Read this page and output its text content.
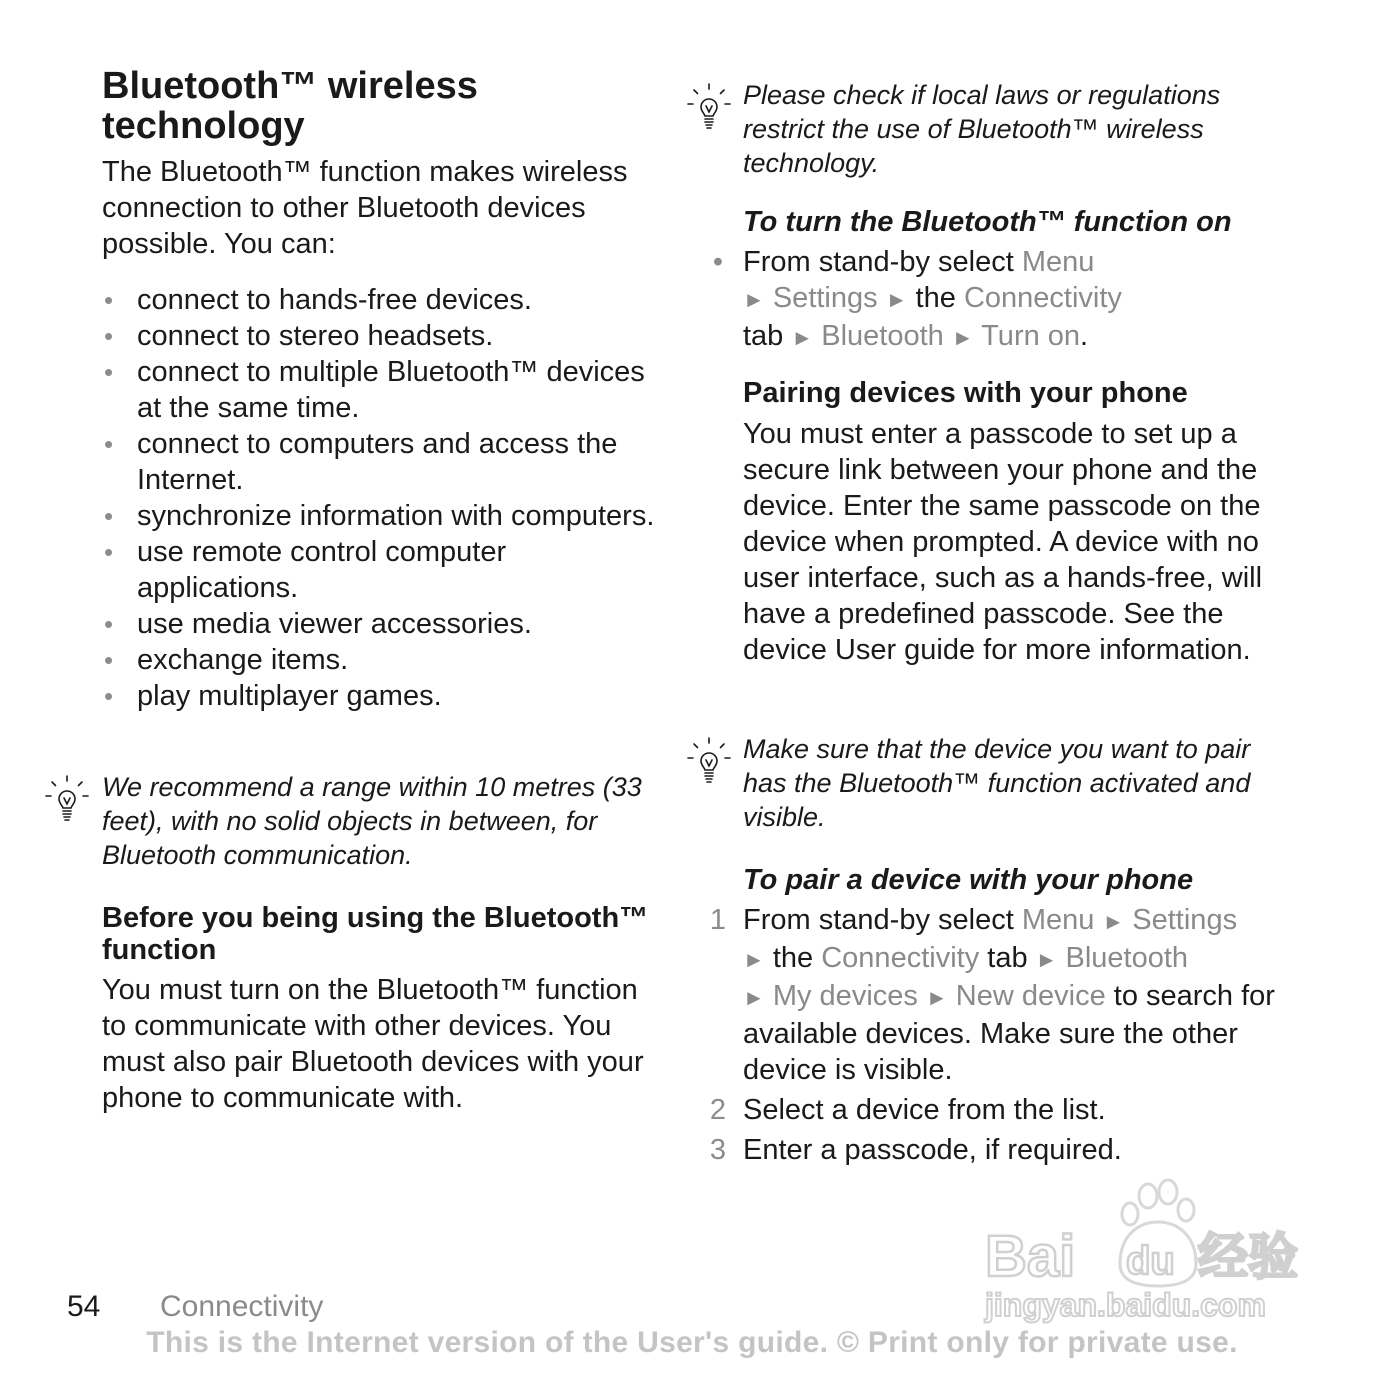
Bluetooth™ wireless technology

The Bluetooth™ function makes wireless connection to other Bluetooth devices possible. You can:

• connect to hands-free devices.
• connect to stereo headsets.
• connect to multiple Bluetooth™ devices at the same time.
• connect to computers and access the Internet.
• synchronize information with computers.
• use remote control computer applications.
• use media viewer accessories.
• exchange items.
• play multiplayer games.
Before you being using the Bluetooth™ function

You must turn on the Bluetooth™ function to communicate with other devices. You must also pair Bluetooth devices with your phone to communicate with.

We recommend a range within 10 metres (33 feet), with no solid objects in between, for Bluetooth communication.

Please check if local laws or regulations restrict the use of Bluetooth™ wireless technology.

To turn the Bluetooth™ function on
• From stand-by select Menu
► Settings ► the Connectivity
tab ► Bluetooth ► Turn on.
Pairing devices with your phone

You must enter a passcode to set up a secure link between your phone and the device. Enter the same passcode on the device when prompted. A device with no user interface, such as a hands-free, will have a predefined passcode. See the device User guide for more information.

To pair a device with your phone
1 From stand-by select Menu ► Settings
► the Connectivity tab ► Bluetooth
► My devices ► New device to search for available devices. Make sure the other device is visible.
2 Select a device from the list.
3 Enter a passcode, if required.

Make sure that the device you want to pair has the Bluetooth™ function activated and visible.

Bai du 经验
jingyan.baidu.com
54 Connectivity
This is the Internet version of the User's guide. © Print only for private use.
